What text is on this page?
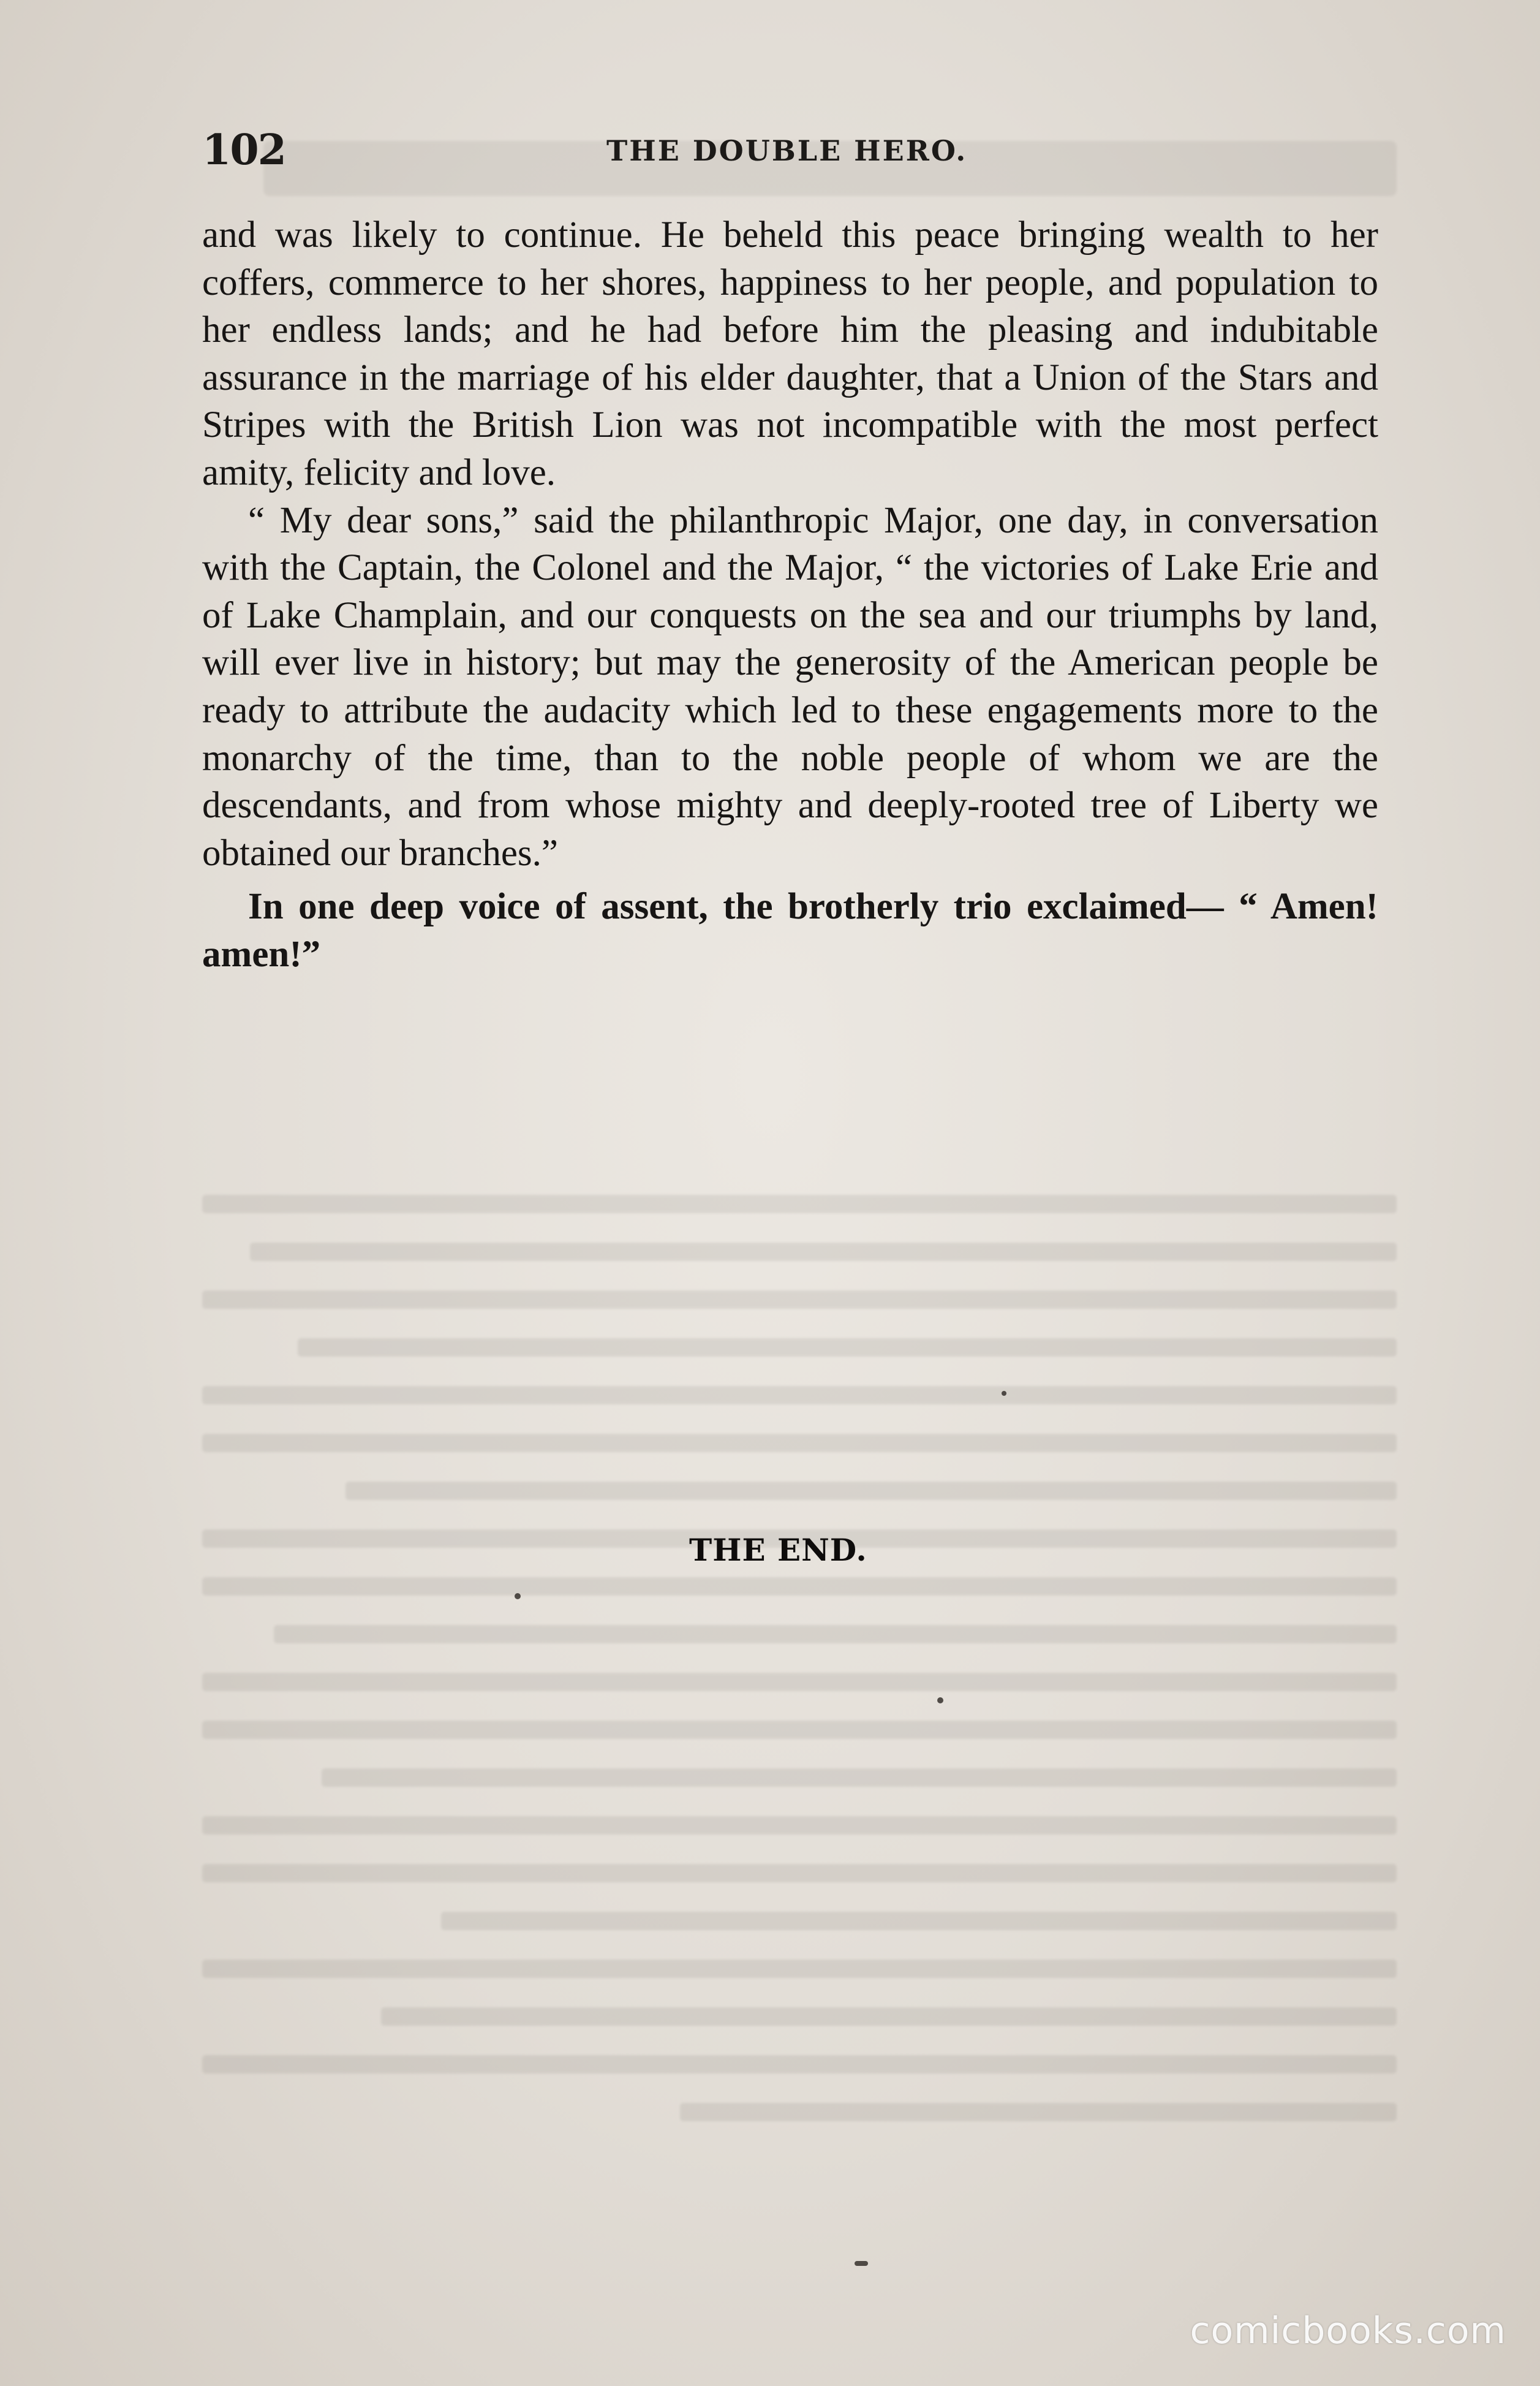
102	THE DOUBLE HERO.

and was likely to continue. He beheld this peace bringing wealth to her coffers, commerce to her shores, happiness to her people, and population to her endless lands; and he had before him the pleasing and indubitable assurance in the marriage of his elder daughter, that a Union of the Stars and Stripes with the British Lion was not incompatible with the most perfect amity, felicity and love.

“ My dear sons,” said the philanthropic Major, one day, in conversation with the Captain, the Colonel and the Major, “ the victories of Lake Erie and of Lake Champlain, and our conquests on the sea and our triumphs by land, will ever live in history; but may the generosity of the American people be ready to attribute the audacity which led to these engagements more to the monarchy of the time, than to the noble people of whom we are the descendants, and from whose mighty and deeply-rooted tree of Liberty we obtained our branches.”

In one deep voice of assent, the brotherly trio exclaimed— “ Amen! amen!”

THE END.
comicbooks.com
